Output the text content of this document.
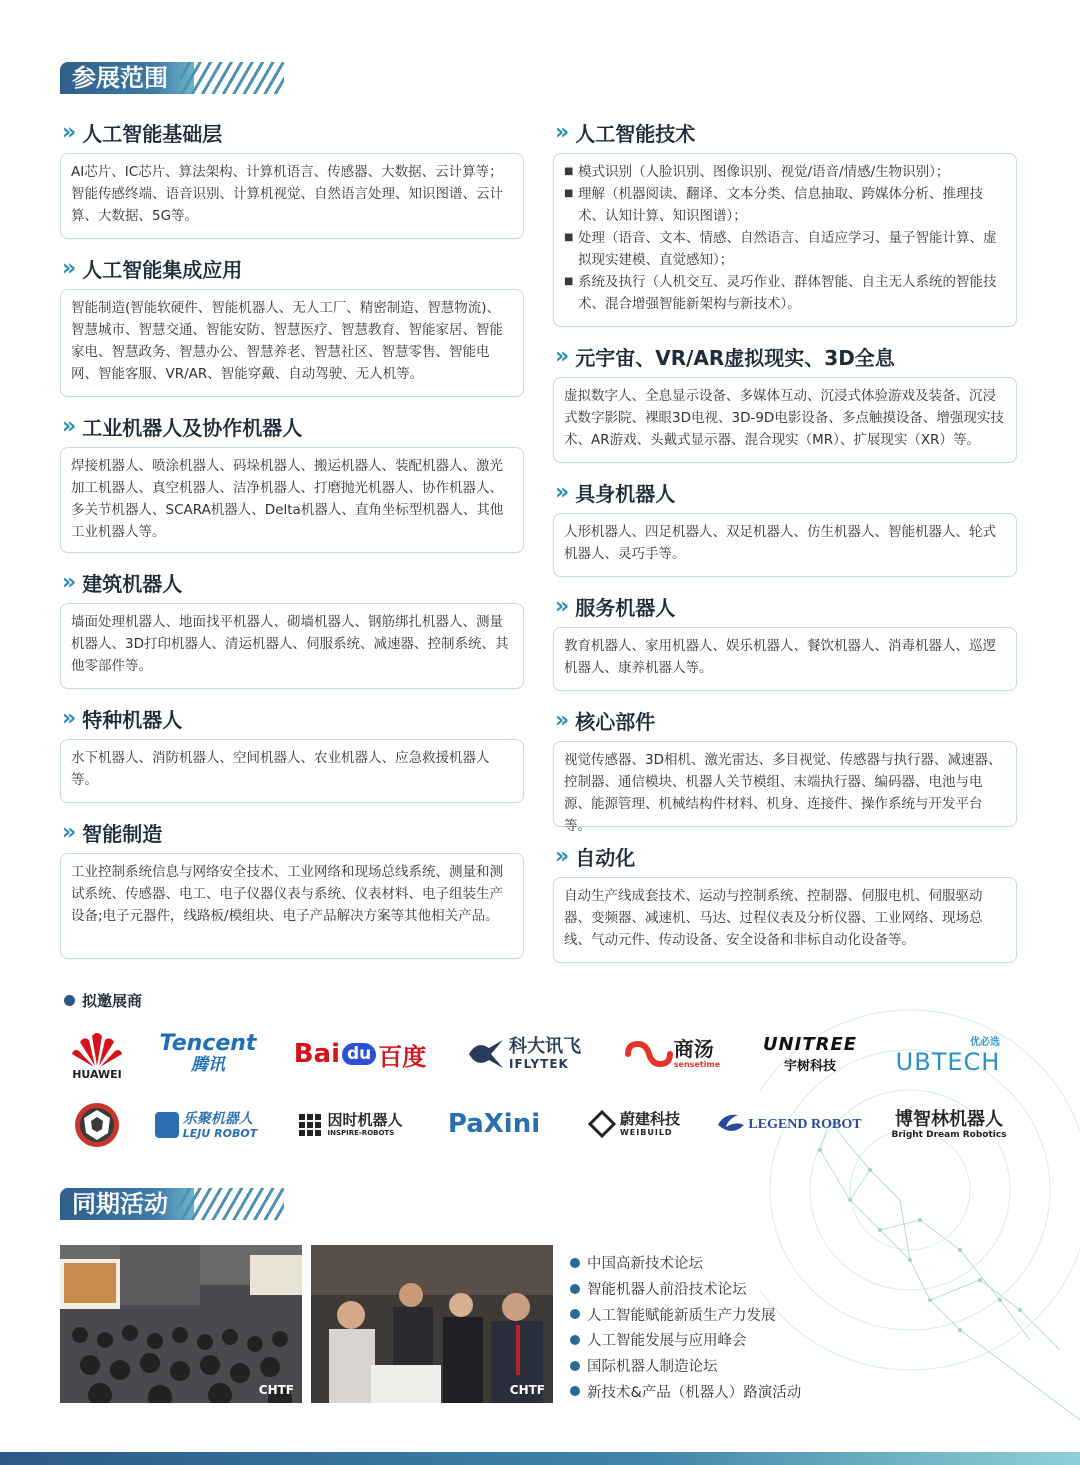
参展范围
» 人工智能基础层
AI芯片、IC芯片、算法架构、计算机语言、传感器、大数据、云计算等；智能传感终端、语音识别、计算机视觉、自然语言处理、知识图谱、云计算、大数据、5G等。
» 人工智能集成应用
智能制造(智能软硬件、智能机器人、无人工厂、精密制造、智慧物流)、智慧城市、智慧交通、智能安防、智慧医疗、智慧教育、智能家居、智能家电、智慧政务、智慧办公、智慧养老、智慧社区、智慧零售、智能电网、智能客服、VR/AR、智能穿戴、自动驾驶、无人机等。
» 工业机器人及协作机器人
焊接机器人、喷涂机器人、码垛机器人、搬运机器人、装配机器人、激光加工机器人、真空机器人、洁净机器人、打磨抛光机器人、协作机器人、多关节机器人、SCARA机器人、Delta机器人、直角坐标型机器人、其他工业机器人等。
» 建筑机器人
墙面处理机器人、地面找平机器人、砌墙机器人、钢筋绑扎机器人、测量机器人、3D打印机器人、清运机器人、伺服系统、减速器、控制系统、其他零部件等。
» 特种机器人
水下机器人、消防机器人、空间机器人、农业机器人、应急救援机器人等。
» 智能制造
工业控制系统信息与网络安全技术、工业网络和现场总线系统、测量和测试系统、传感器、电工、电子仪器仪表与系统、仪表材料、电子组装生产设备;电子元器件，线路板/模组块、电子产品解决方案等其他相关产品。
» 人工智能技术
■ 模式识别（人脸识别、图像识别、视觉/语音/情感/生物识别）；
■ 理解（机器阅读、翻译、文本分类、信息抽取、跨媒体分析、推理技术、认知计算、知识图谱）；
■ 处理（语音、文本、情感、自然语言、自适应学习、量子智能计算、虚拟现实建模、直觉感知）；
■ 系统及执行（人机交互、灵巧作业、群体智能、自主无人系统的智能技术、混合增强智能新架构与新技术）。
» 元宇宙、VR/AR虚拟现实、3D全息
虚拟数字人、全息显示设备、多媒体互动、沉浸式体验游戏及装备、沉浸式数字影院、裸眼3D电视、3D-9D电影设备、多点触摸设备、增强现实技术、AR游戏、头戴式显示器、混合现实（MR）、扩展现实（XR）等。
» 具身机器人
人形机器人、四足机器人、双足机器人、仿生机器人、智能机器人、轮式机器人、灵巧手等。
» 服务机器人
教育机器人、家用机器人、娱乐机器人、餐饮机器人、消毒机器人、巡逻机器人、康养机器人等。
» 核心部件
视觉传感器、3D相机、激光雷达、多目视觉、传感器与执行器、减速器、控制器、通信模块、机器人关节模组、末端执行器、编码器、电池与电源、能源管理、机械结构件材料、机身、连接件、操作系统与开发平台等。
» 自动化
自动生产线成套技术、运动与控制系统、控制器、伺服电机、伺服驱动器、变频器、减速机、马达、过程仪表及分析仪器、工业网络、现场总线、气动元件、传动设备、安全设备和非标自动化设备等。
拟邀展商
HUAWEI
Tencent
腾讯	Bai du 百度	科大讯飞
IFLYTEK
商汤
sensetime
UNITREE
宇树科技
优必选
UBTECH
乐聚机器人
LEJU ROBOT
因时机器人
INSPIRE-ROBOTS	PaXini	蔚建科技
WEIBUILD	LEGEND ROBOT 博智林机器人
Bright Dream Robotics
同期活动
CHTF	CHTF
中国高新技术论坛
智能机器人前沿技术论坛
人工智能赋能新质生产力发展
人工智能发展与应用峰会
国际机器人制造论坛
新技术&产品（机器人）路演活动
